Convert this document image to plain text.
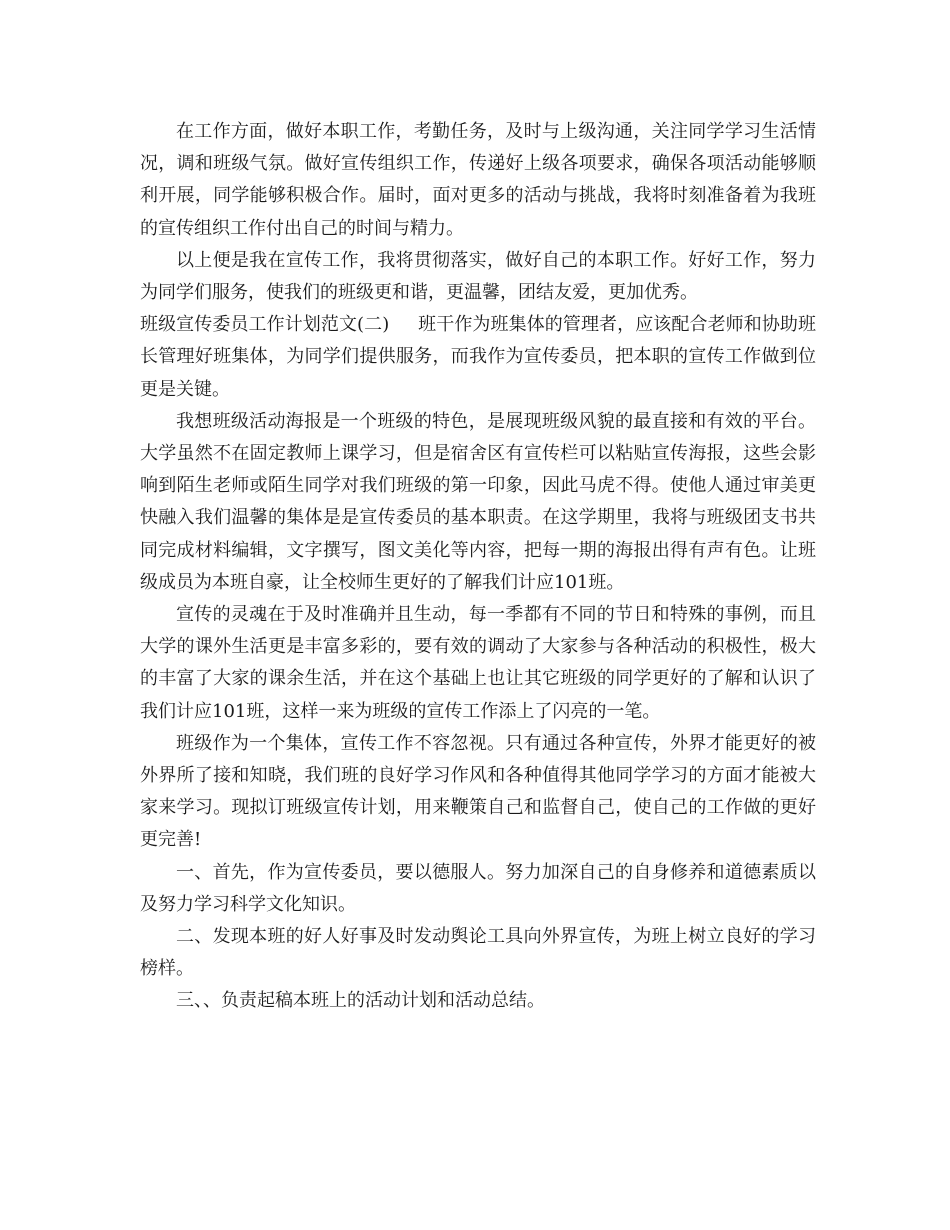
在工作方面，做好本职工作，考勤任务，及时与上级沟通，关注同学学习生活情况，调和班级气氛。做好宣传组织工作，传递好上级各项要求，确保各项活动能够顺利开展，同学能够积极合作。届时，面对更多的活动与挑战，我将时刻准备着为我班的宣传组织工作付出自己的时间与精力。

以上便是我在宣传工作，我将贯彻落实，做好自己的本职工作。好好工作，努力为同学们服务，使我们的班级更和谐，更温馨，团结友爱，更加优秀。

班级宣传委员工作计划范文(二) 班干作为班集体的管理者，应该配合老师和协助班长管理好班集体，为同学们提供服务，而我作为宣传委员，把本职的宣传工作做到位更是关键。

我想班级活动海报是一个班级的特色，是展现班级风貌的最直接和有效的平台。大学虽然不在固定教师上课学习，但是宿舍区有宣传栏可以粘贴宣传海报，这些会影响到陌生老师或陌生同学对我们班级的第一印象，因此马虎不得。使他人通过审美更快融入我们温馨的集体是是宣传委员的基本职责。在这学期里，我将与班级团支书共同完成材料编辑，文字撰写，图文美化等内容，把每一期的海报出得有声有色。让班级成员为本班自豪，让全校师生更好的了解我们计应101班。

宣传的灵魂在于及时准确并且生动，每一季都有不同的节日和特殊的事例，而且大学的课外生活更是丰富多彩的，要有效的调动了大家参与各种活动的积极性，极大的丰富了大家的课余生活，并在这个基础上也让其它班级的同学更好的了解和认识了我们计应101班，这样一来为班级的宣传工作添上了闪亮的一笔。

班级作为一个集体，宣传工作不容忽视。只有通过各种宣传，外界才能更好的被外界所了接和知晓，我们班的良好学习作风和各种值得其他同学学习的方面才能被大家来学习。现拟订班级宣传计划，用来鞭策自己和监督自己，使自己的工作做的更好更完善!

一、首先，作为宣传委员，要以德服人。努力加深自己的自身修养和道德素质以及努力学习科学文化知识。

二、发现本班的好人好事及时发动舆论工具向外界宣传，为班上树立良好的学习榜样。

三、、负责起稿本班上的活动计划和活动总结。
